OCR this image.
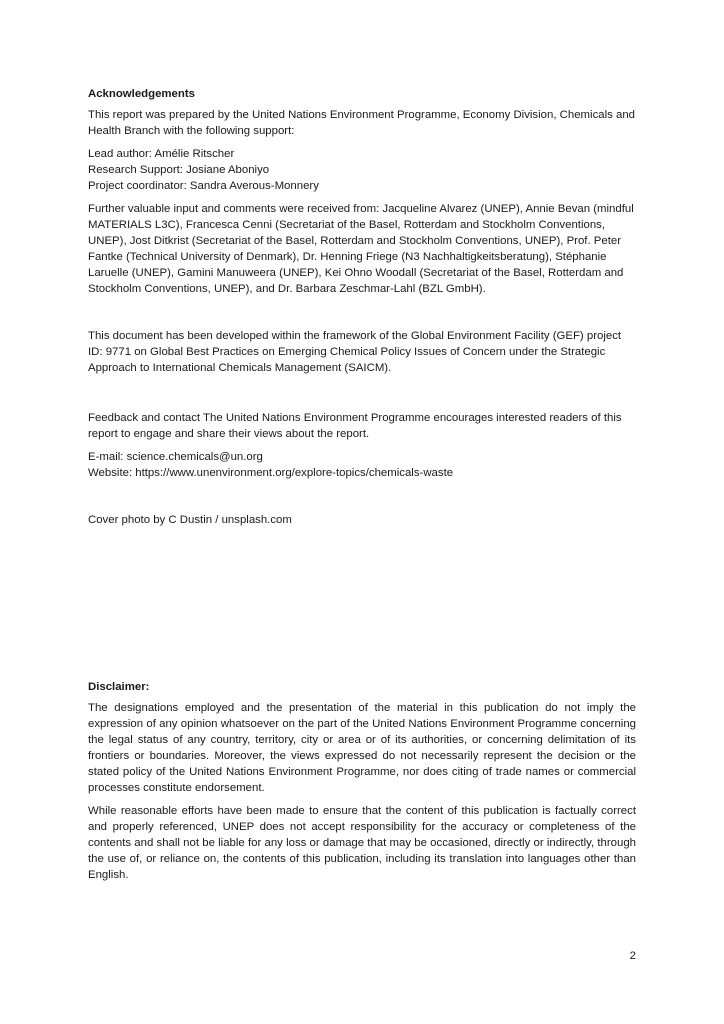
Acknowledgements

This report was prepared by the United Nations Environment Programme, Economy Division, Chemicals and Health Branch with the following support:

Lead author: Amélie Ritscher
Research Support: Josiane Aboniyo
Project coordinator: Sandra Averous-Monnery

Further valuable input and comments were received from: Jacqueline Alvarez (UNEP), Annie Bevan (mindful MATERIALS L3C), Francesca Cenni (Secretariat of the Basel, Rotterdam and Stockholm Conventions, UNEP), Jost Ditkrist (Secretariat of the Basel, Rotterdam and Stockholm Conventions, UNEP), Prof. Peter Fantke (Technical University of Denmark), Dr. Henning Friege (N3 Nachhaltigkeitsberatung), Stéphanie Laruelle (UNEP), Gamini Manuweera (UNEP), Kei Ohno Woodall (Secretariat of the Basel, Rotterdam and Stockholm Conventions, UNEP), and Dr. Barbara Zeschmar-Lahl (BZL GmbH).

This document has been developed within the framework of the Global Environment Facility (GEF) project ID: 9771 on Global Best Practices on Emerging Chemical Policy Issues of Concern under the Strategic Approach to International Chemicals Management (SAICM).

Feedback and contact The United Nations Environment Programme encourages interested readers of this report to engage and share their views about the report.

E-mail: science.chemicals@un.org
Website: https://www.unenvironment.org/explore-topics/chemicals-waste

Cover photo by C Dustin / unsplash.com

Disclaimer:

The designations employed and the presentation of the material in this publication do not imply the expression of any opinion whatsoever on the part of the United Nations Environment Programme concerning the legal status of any country, territory, city or area or of its authorities, or concerning delimitation of its frontiers or boundaries. Moreover, the views expressed do not necessarily represent the decision or the stated policy of the United Nations Environment Programme, nor does citing of trade names or commercial processes constitute endorsement.

While reasonable efforts have been made to ensure that the content of this publication is factually correct and properly referenced, UNEP does not accept responsibility for the accuracy or completeness of the contents and shall not be liable for any loss or damage that may be occasioned, directly or indirectly, through the use of, or reliance on, the contents of this publication, including its translation into languages other than English.

2
